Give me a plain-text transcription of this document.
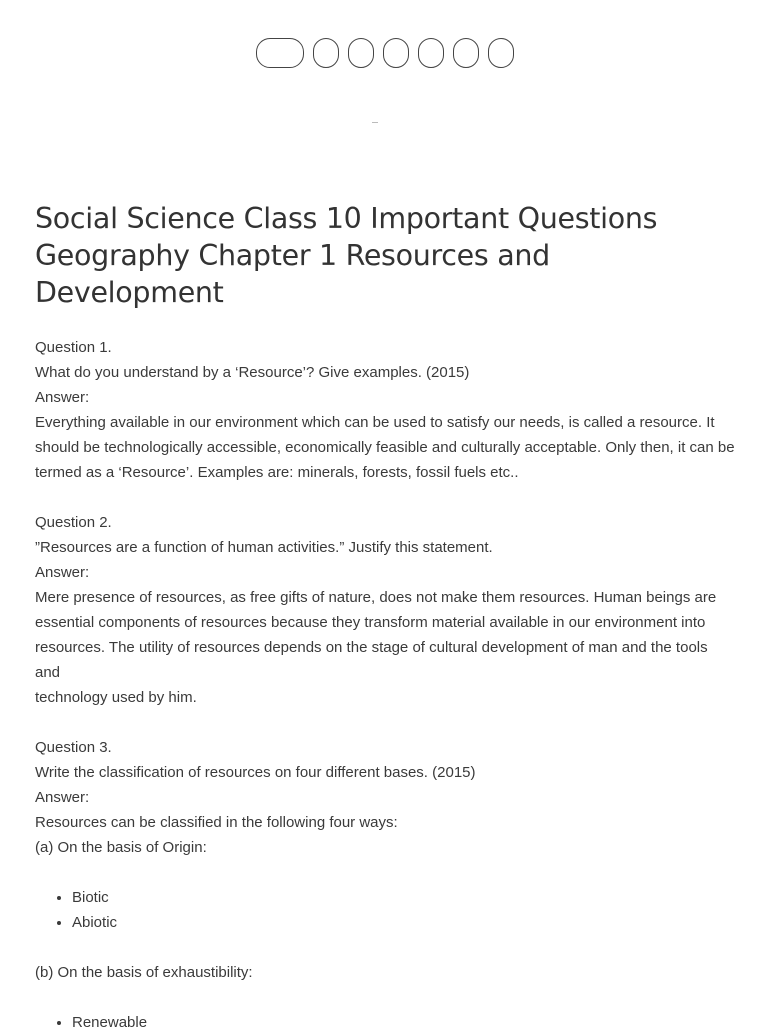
Social Science Class 10 Important Questions Geography Chapter 1 Resources and Development

Question 1.

What do you understand by a ‘Resource’? Give examples. (2015)

Answer:

Everything available in our environment which can be used to satisfy our needs, is called a resource. It

should be technologically accessible, economically feasible and culturally acceptable. Only then, it can be

termed as a ‘Resource’. Examples are: minerals, forests, fossil fuels etc..

Question 2.

”Resources are a function of human activities.” Justify this statement.

Answer:

Mere presence of resources, as free gifts of nature, does not make them resources. Human beings are

essential components of resources because they transform material available in our environment into

resources. The utility of resources depends on the stage of cultural development of man and the tools and

technology used by him.

Question 3.

Write the classification of resources on four different bases. (2015)

Answer:

Resources can be classified in the following four ways:

(a) On the basis of Origin:

• Biotic
• Abiotic

(b) On the basis of exhaustibility:

• Renewable
